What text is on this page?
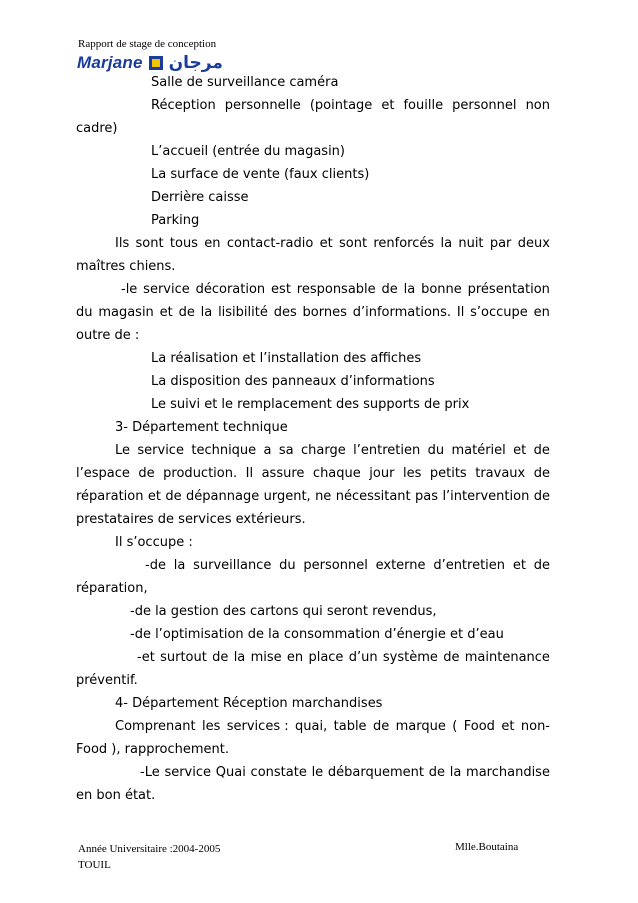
Rapport de stage de conception
Marjane مرجان
Salle de surveillance caméra
Réception personnelle (pointage et fouille personnel non
cadre)
L’accueil (entrée du magasin)
La surface de vente (faux clients)
Derrière caisse
Parking
Ils sont tous en contact-radio et sont renforcés la nuit par deux
maîtres chiens.
-le service décoration est responsable de la bonne présentation
du magasin et de la lisibilité des bornes d’informations. Il s’occupe en
outre de :
La réalisation et l’installation des affiches
La disposition des panneaux d’informations
Le suivi et le remplacement des supports de prix
3- Département technique
Le service technique a sa charge l’entretien du matériel et de
l’espace de production. Il assure chaque jour les petits travaux de
réparation et de dépannage urgent, ne nécessitant pas l’intervention de
prestataires de services extérieurs.
Il s’occupe :
-de la surveillance du personnel externe d’entretien et de
réparation,
-de la gestion des cartons qui seront revendus,
-de l’optimisation de la consommation d’énergie et d’eau
-et surtout de la mise en place d’un système de maintenance
préventif.
4- Département Réception marchandises
Comprenant les services : quai, table de marque ( Food et non-
Food ), rapprochement.
-Le service Quai constate le débarquement de la marchandise
en bon état.
Année Universitaire :2004-2005
TOUIL
Mlle.Boutaina
